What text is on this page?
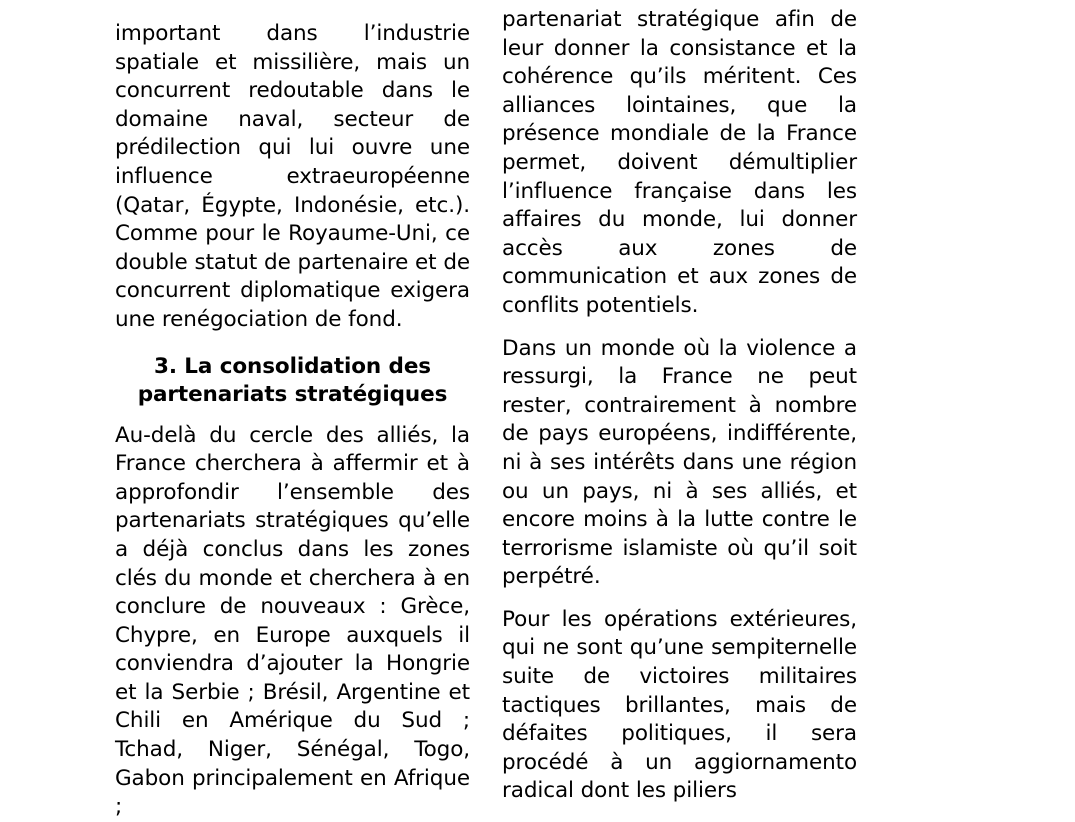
important dans l’industrie spatiale et missilière, mais un concurrent redoutable dans le domaine naval, secteur de prédilection qui lui ouvre une influence extraeuropéenne (Qatar, Égypte, Indonésie, etc.). Comme pour le Royaume-Uni, ce double statut de partenaire et de concurrent diplomatique exigera une renégociation de fond.

3. La consolidation des partenariats stratégiques

Au-delà du cercle des alliés, la France cherchera à affermir et à approfondir l’ensemble des partenariats stratégiques qu’elle a déjà conclus dans les zones clés du monde et cherchera à en conclure de nouveaux : Grèce, Chypre, en Europe auxquels il conviendra d’ajouter la Hongrie et la Serbie ; Brésil, Argentine et Chili en Amérique du Sud ; Tchad, Niger, Sénégal, Togo, Gabon principalement en Afrique ;

partenariat stratégique afin de leur donner la consistance et la cohérence qu’ils méritent. Ces alliances lointaines, que la présence mondiale de la France permet, doivent démultiplier l’influence française dans les affaires du monde, lui donner accès aux zones de communication et aux zones de conflits potentiels.

Dans un monde où la violence a ressurgi, la France ne peut rester, contrairement à nombre de pays européens, indifférente, ni à ses intérêts dans une région ou un pays, ni à ses alliés, et encore moins à la lutte contre le terrorisme islamiste où qu’il soit perpétré.

Pour les opérations extérieures, qui ne sont qu’une sempiternelle suite de victoires militaires tactiques brillantes, mais de défaites politiques, il sera procédé à un aggiornamento radical dont les piliers
